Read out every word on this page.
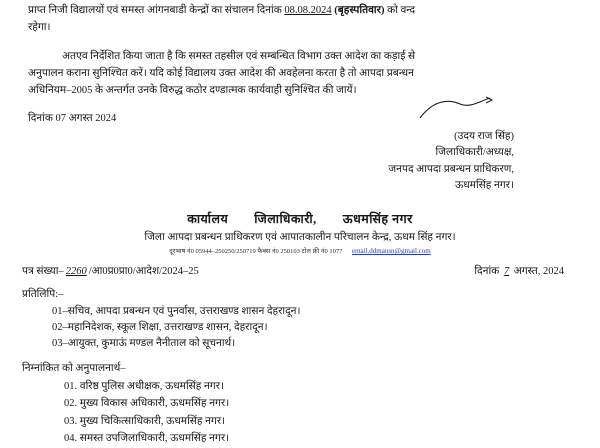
प्राप्त निजी विद्यालयों एवं समस्त आंगनबाडी केन्द्रों का संचालन दिनांक 08.08.2024 (बृहस्पतिवार) को वन्द
रहेगा।
अतएव निर्देशित किया जाता है कि समस्त तहसील एवं सम्बन्धित विभाग उक्त आदेश का कड़ाई से
अनुपालन कराना सुनिश्चित करें। यदि कोई विद्यालय उक्त आदेश की अवहेलना करता है तो आपदा प्रबन्धन
अधिनियम–2005 के अन्तर्गत उनके विरुद्ध कठोर दण्डात्मक कार्यवाही सुनिश्चित की जायें।
दिनांक 07 अगस्त 2024
(उदय राज सिंह)
जिलाधिकारी/अध्यक्ष,
जनपद आपदा प्रबन्धन प्राधिकरण,
ऊधमसिंह नगर।
कार्यालय जिलाधिकारी, ऊधमसिंह नगर
जिला आपदा प्रबन्धन प्राधिकरण एवं आपातकालीन परिचालन केन्द्र, ऊधम सिंह नगर।
दूरभाष नं0 05944–250250/250719 फैक्स नं0 250103 टोल फ्री नं0 1077 email.ddmausn@gmail.com
पत्र संख्या– 2260 /आ0प्र0प्रा0/आदेश/2024–25	दिनांक 7 अगस्त, 2024
प्रतिलिपि:–
01–सचिव, आपदा प्रबन्धन एवं पुनर्वास, उत्तराखण्ड शासन देहरादून।
02–महानिदेशक, स्कूल शिक्षा, उत्तराखण्ड शासन, देहरादून।
03–आयुक्त, कुमाऊं मण्डल नैनीताल को सूचनार्थ।
निम्नांकित को अनुपालनार्थ–
01. वरिष्ठ पुलिस अधीक्षक, ऊधमसिंह नगर।
02. मुख्य विकास अधिकारी, ऊधमसिंह नगर।
03. मुख्य चिकित्साधिकारी, ऊधमसिंह नगर।
04. समस्त उपजिलाधिकारी, ऊधमसिंह नगर।
